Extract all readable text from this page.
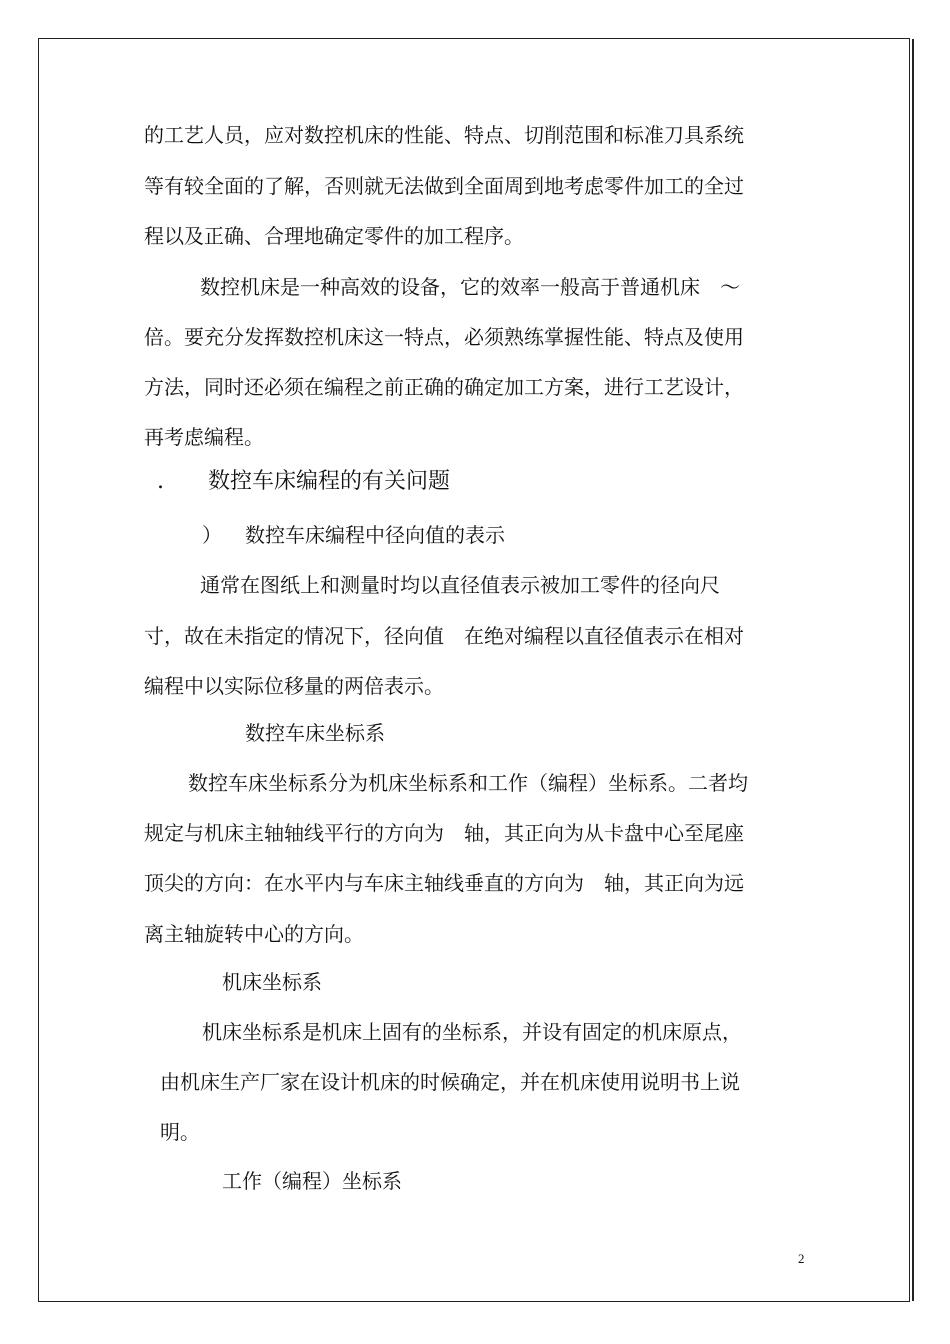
的工艺人员，应对数控机床的性能、特点、切削范围和标准刀具系统
等有较全面的了解，否则就无法做到全面周到地考虑零件加工的全过
程以及正确、合理地确定零件的加工程序。
数控机床是一种高效的设备，它的效率一般高于普通机床　～
倍。要充分发挥数控机床这一特点，必须熟练掌握性能、特点及使用
方法，同时还必须在编程之前正确的确定加工方案，进行工艺设计，
再考虑编程。
. 数控车床编程的有关问题
） 数控车床编程中径向值的表示
通常在图纸上和测量时均以直径值表示被加工零件的径向尺
寸，故在未指定的情况下，径向值　在绝对编程以直径值表示在相对
编程中以实际位移量的两倍表示。
数控车床坐标系
数控车床坐标系分为机床坐标系和工作（编程）坐标系。二者均
规定与机床主轴轴线平行的方向为　轴，其正向为从卡盘中心至尾座
顶尖的方向：在水平内与车床主轴线垂直的方向为　轴，其正向为远
离主轴旋转中心的方向。
机床坐标系
机床坐标系是机床上固有的坐标系，并设有固定的机床原点，
由机床生产厂家在设计机床的时候确定，并在机床使用说明书上说
明。
工作（编程）坐标系
2
